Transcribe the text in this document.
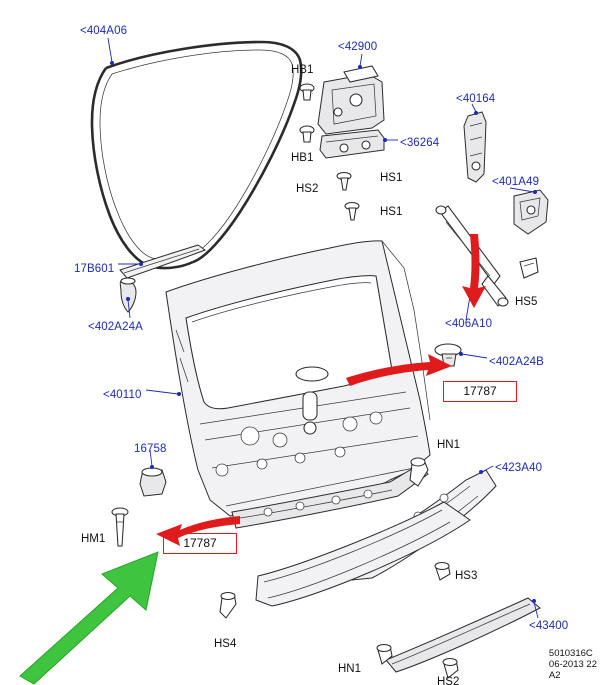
<404A06
<42900
HB1
<40164
<36264
HB1
<401A49
HS1
HS2
HS1
17B601
HS5
<402A24A	<406A10
<402A24B
<40110
16758	HN1
<423A40
HM1
HS3
HS4
<43400
HN1
HS2
17787
17787
5010316C
06-2013 22
A2
